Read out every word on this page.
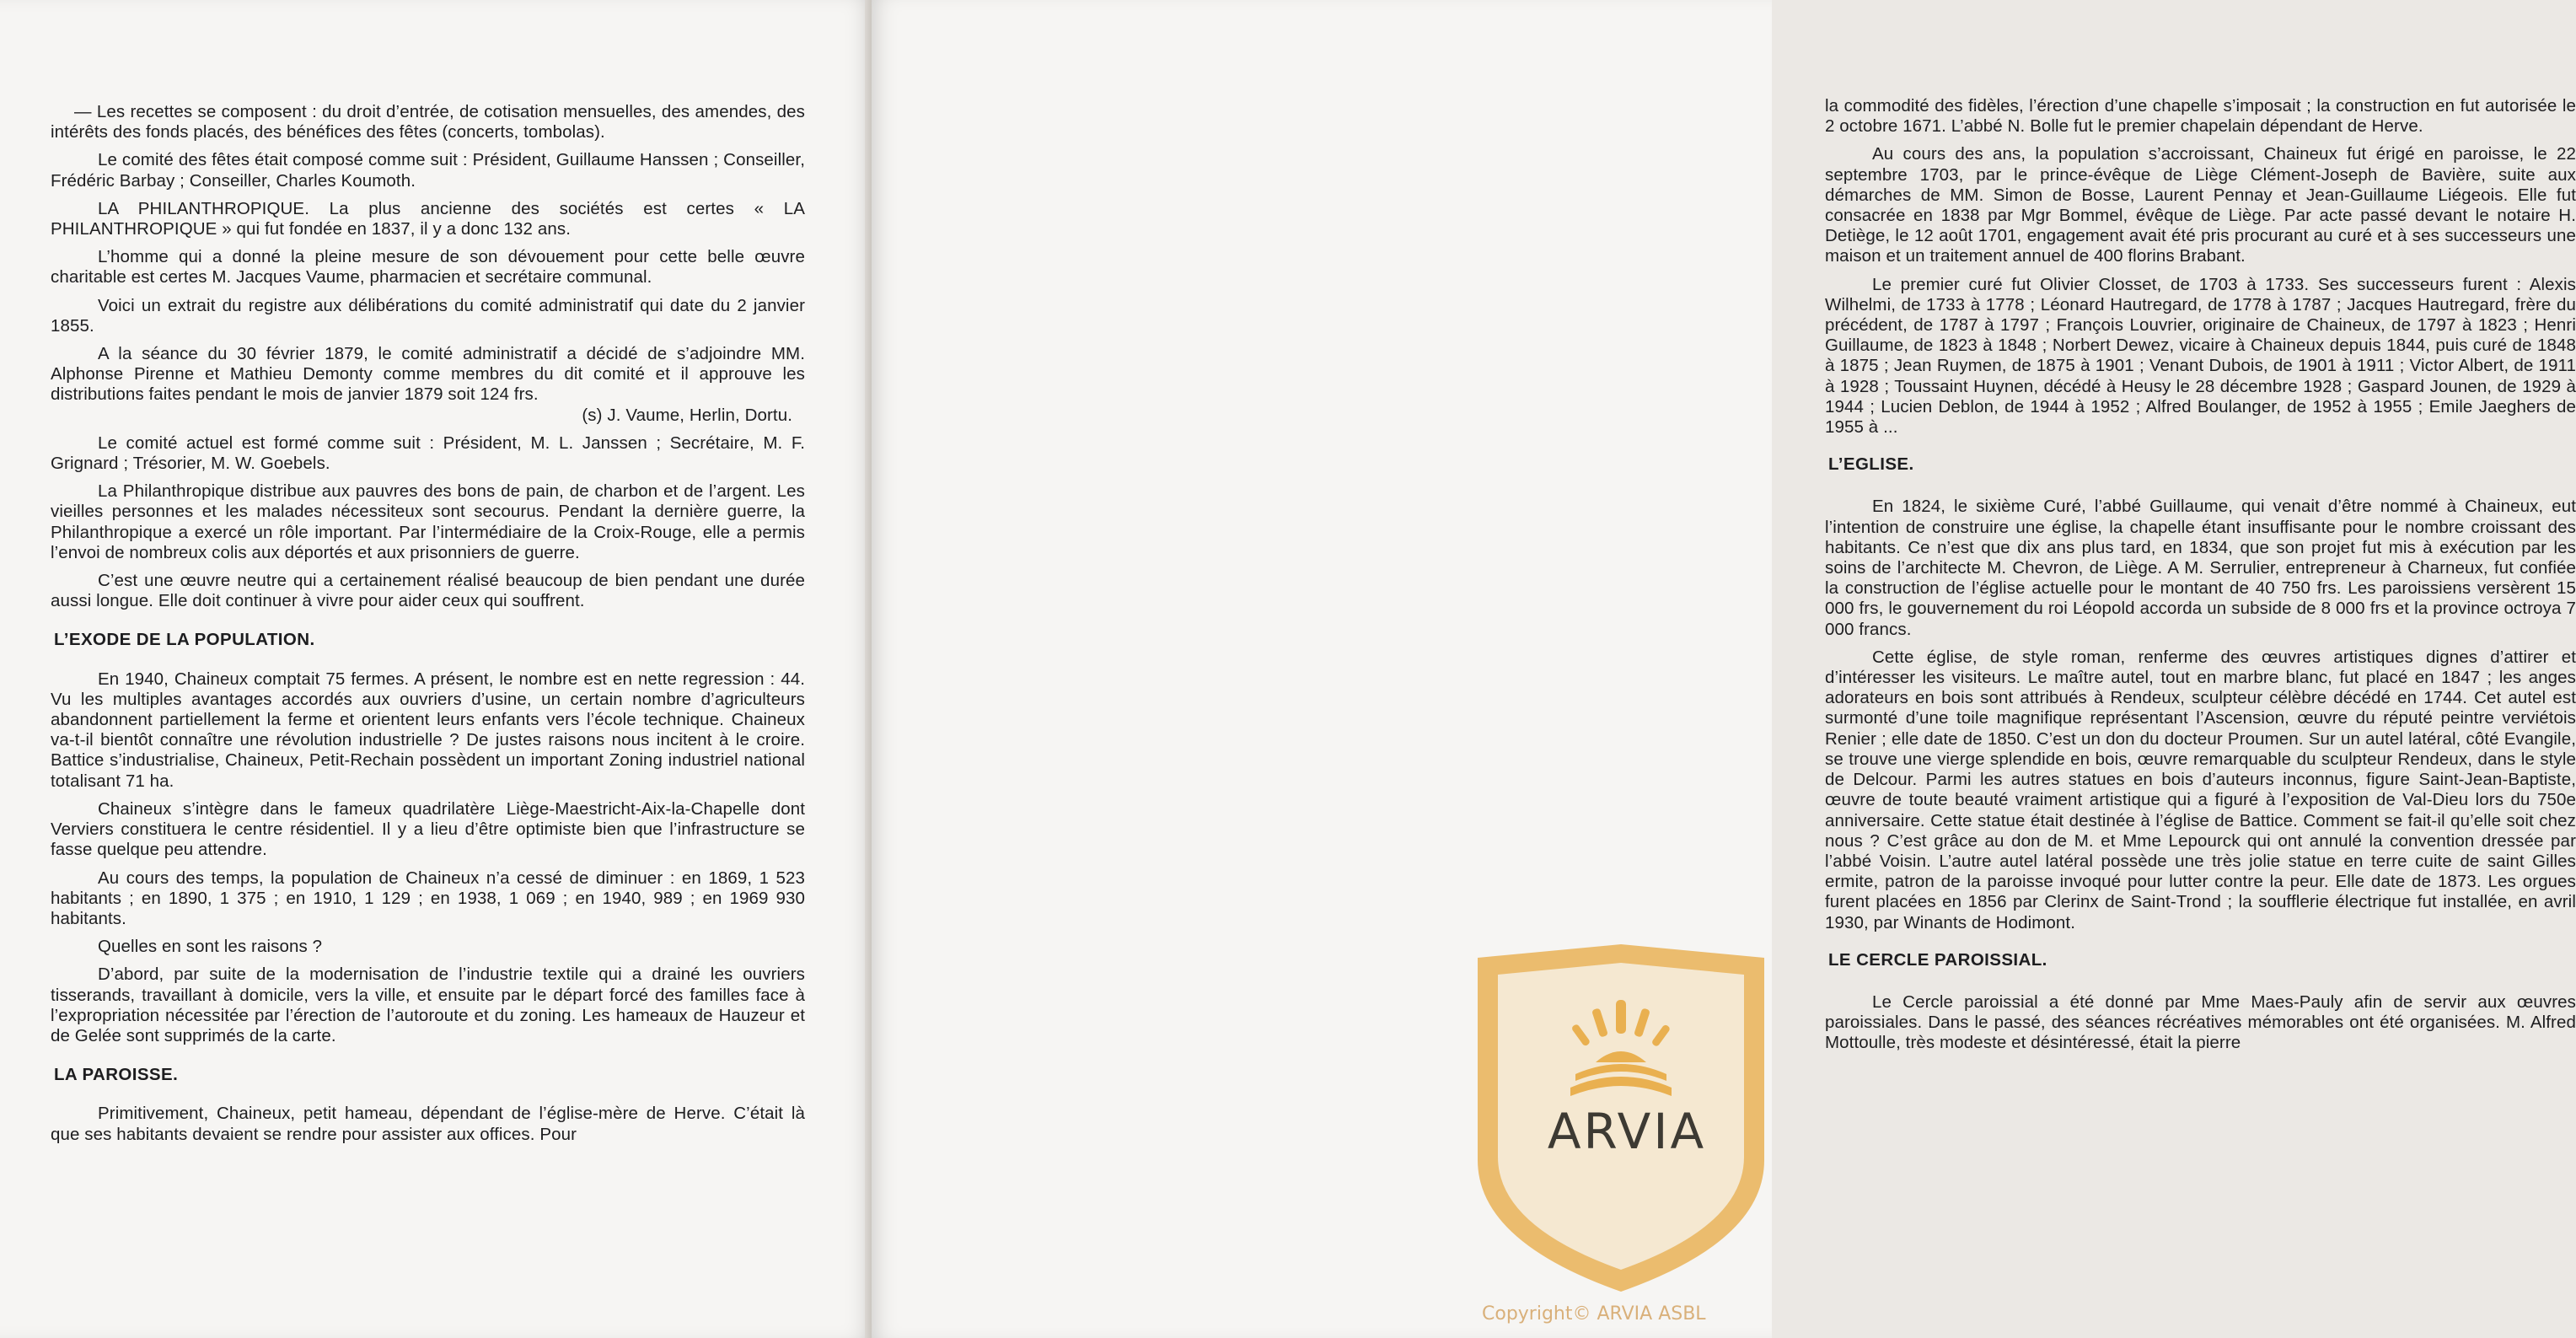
— Les recettes se composent : du droit d’entrée, de cotisation mensuelles, des amendes, des intérêts des fonds placés, des bénéfices des fêtes (concerts, tombolas).

Le comité des fêtes était composé comme suit : Président, Guillaume Hanssen ; Conseiller, Frédéric Barbay ; Conseiller, Charles Koumoth.

LA PHILANTHROPIQUE. La plus ancienne des sociétés est certes « LA PHILANTHROPIQUE » qui fut fondée en 1837, il y a donc 132 ans.

L’homme qui a donné la pleine mesure de son dévouement pour cette belle œuvre charitable est certes M. Jacques Vaume, pharmacien et secrétaire communal.

Voici un extrait du registre aux délibérations du comité administratif qui date du 2 janvier 1855.

A la séance du 30 février 1879, le comité administratif a décidé de s’adjoindre MM. Alphonse Pirenne et Mathieu Demonty comme membres du dit comité et il approuve les distributions faites pendant le mois de janvier 1879 soit 124 frs.

(s) J. Vaume, Herlin, Dortu.

Le comité actuel est formé comme suit : Président, M. L. Janssen ; Secrétaire, M. F. Grignard ; Trésorier, M. W. Goebels.

La Philanthropique distribue aux pauvres des bons de pain, de charbon et de l’argent. Les vieilles personnes et les malades nécessiteux sont secourus. Pendant la dernière guerre, la Philanthropique a exercé un rôle important. Par l’intermédiaire de la Croix-Rouge, elle a permis l’envoi de nombreux colis aux déportés et aux prisonniers de guerre.

C’est une œuvre neutre qui a certainement réalisé beaucoup de bien pendant une durée aussi longue. Elle doit continuer à vivre pour aider ceux qui souffrent.

L’EXODE DE LA POPULATION.

En 1940, Chaineux comptait 75 fermes. A présent, le nombre est en nette regression : 44. Vu les multiples avantages accordés aux ouvriers d’usine, un certain nombre d’agriculteurs abandonnent partiellement la ferme et orientent leurs enfants vers l’école technique. Chaineux va-t-il bientôt connaître une révolution industrielle ? De justes raisons nous incitent à le croire. Battice s’industrialise, Chaineux, Petit-Rechain possèdent un important Zoning industriel national totalisant 71 ha.

Chaineux s’intègre dans le fameux quadrilatère Liège-Maestricht-Aix-la-Chapelle dont Verviers constituera le centre résidentiel. Il y a lieu d’être optimiste bien que l’infrastructure se fasse quelque peu attendre.

Au cours des temps, la population de Chaineux n’a cessé de diminuer : en 1869, 1 523 habitants ; en 1890, 1 375 ; en 1910, 1 129 ; en 1938, 1 069 ; en 1940, 989 ; en 1969 930 habitants.

Quelles en sont les raisons ?

D’abord, par suite de la modernisation de l’industrie textile qui a drainé les ouvriers tisserands, travaillant à domicile, vers la ville, et ensuite par le départ forcé des familles face à l’expropriation nécessitée par l’érection de l’autoroute et du zoning. Les hameaux de Hauzeur et de Gelée sont supprimés de la carte.

LA PAROISSE.

Primitivement, Chaineux, petit hameau, dépendant de l’église-mère de Herve. C’était là que ses habitants devaient se rendre pour assister aux offices. Pour

la commodité des fidèles, l’érection d’une chapelle s’imposait ; la construction en fut autorisée le 2 octobre 1671. L’abbé N. Bolle fut le premier chapelain dépendant de Herve.

Au cours des ans, la population s’accroissant, Chaineux fut érigé en paroisse, le 22 septembre 1703, par le prince-évêque de Liège Clément-Joseph de Bavière, suite aux démarches de MM. Simon de Bosse, Laurent Pennay et Jean-Guillaume Liégeois. Elle fut consacrée en 1838 par Mgr Bommel, évêque de Liège. Par acte passé devant le notaire H. Detiège, le 12 août 1701, engagement avait été pris procurant au curé et à ses successeurs une maison et un traitement annuel de 400 florins Brabant.

Le premier curé fut Olivier Closset, de 1703 à 1733. Ses successeurs furent : Alexis Wilhelmi, de 1733 à 1778 ; Léonard Hautregard, de 1778 à 1787 ; Jacques Hautregard, frère du précédent, de 1787 à 1797 ; François Louvrier, originaire de Chaineux, de 1797 à 1823 ; Henri Guillaume, de 1823 à 1848 ; Norbert Dewez, vicaire à Chaineux depuis 1844, puis curé de 1848 à 1875 ; Jean Ruymen, de 1875 à 1901 ; Venant Dubois, de 1901 à 1911 ; Victor Albert, de 1911 à 1928 ; Toussaint Huynen, décédé à Heusy le 28 décembre 1928 ; Gaspard Jounen, de 1929 à 1944 ; Lucien Deblon, de 1944 à 1952 ; Alfred Boulanger, de 1952 à 1955 ; Emile Jaeghers de 1955 à ...

L’EGLISE.

En 1824, le sixième Curé, l’abbé Guillaume, qui venait d’être nommé à Chaineux, eut l’intention de construire une église, la chapelle étant insuffisante pour le nombre croissant des habitants. Ce n’est que dix ans plus tard, en 1834, que son projet fut mis à exécution par les soins de l’architecte M. Chevron, de Liège. A M. Serrulier, entrepreneur à Charneux, fut confiée la construction de l’église actuelle pour le montant de 40 750 frs. Les paroissiens versèrent 15 000 frs, le gouvernement du roi Léopold accorda un subside de 8 000 frs et la province octroya 7 000 francs.

Cette église, de style roman, renferme des œuvres artistiques dignes d’attirer et d’intéresser les visiteurs. Le maître autel, tout en marbre blanc, fut placé en 1847 ; les anges adorateurs en bois sont attribués à Rendeux, sculpteur célèbre décédé en 1744. Cet autel est surmonté d’une toile magnifique représentant l’Ascension, œuvre du réputé peintre verviétois Renier ; elle date de 1850. C’est un don du docteur Proumen. Sur un autel latéral, côté Evangile, se trouve une vierge splendide en bois, œuvre remarquable du sculpteur Rendeux, dans le style de Delcour. Parmi les autres statues en bois d’auteurs inconnus, figure Saint-Jean-Baptiste, œuvre de toute beauté vraiment artistique qui a figuré à l’exposition de Val-Dieu lors du 750e anniversaire. Cette statue était destinée à l’église de Battice. Comment se fait-il qu’elle soit chez nous ? C’est grâce au don de M. et Mme Lepourck qui ont annulé la convention dressée par l’abbé Voisin. L’autre autel latéral possède une très jolie statue en terre cuite de saint Gilles ermite, patron de la paroisse invoqué pour lutter contre la peur. Elle date de 1873. Les orgues furent placées en 1856 par Clerinx de Saint-Trond ; la soufflerie électrique fut installée, en avril 1930, par Winants de Hodimont.

LE CERCLE PAROISSIAL.

Le Cercle paroissial a été donné par Mme Maes-Pauly afin de servir aux œuvres paroissiales. Dans le passé, des séances récréatives mémorables ont été organisées. M. Alfred Mottoulle, très modeste et désintéressé, était la pierre

ARVIA
Copyright© ARVIA ASBL
